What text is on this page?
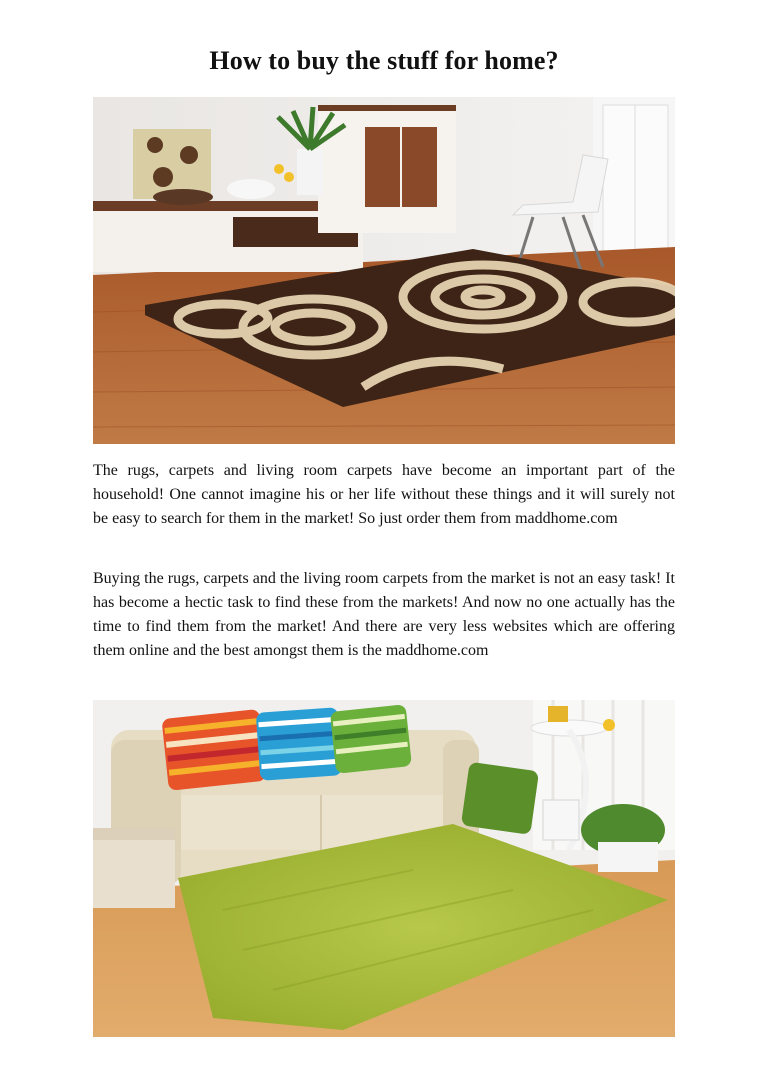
How to buy the stuff for home?

The rugs, carpets and living room carpets have become an important part of the household! One cannot imagine his or her life without these things and it will surely not be easy to search for them in the market! So just order them from maddhome.com

Buying the rugs, carpets and the living room carpets from the market is not an easy task! It has become a hectic task to find these from the markets! And now no one actually has the time to find them from the market! And there are very less websites which are offering them online and the best amongst them is the maddhome.com
